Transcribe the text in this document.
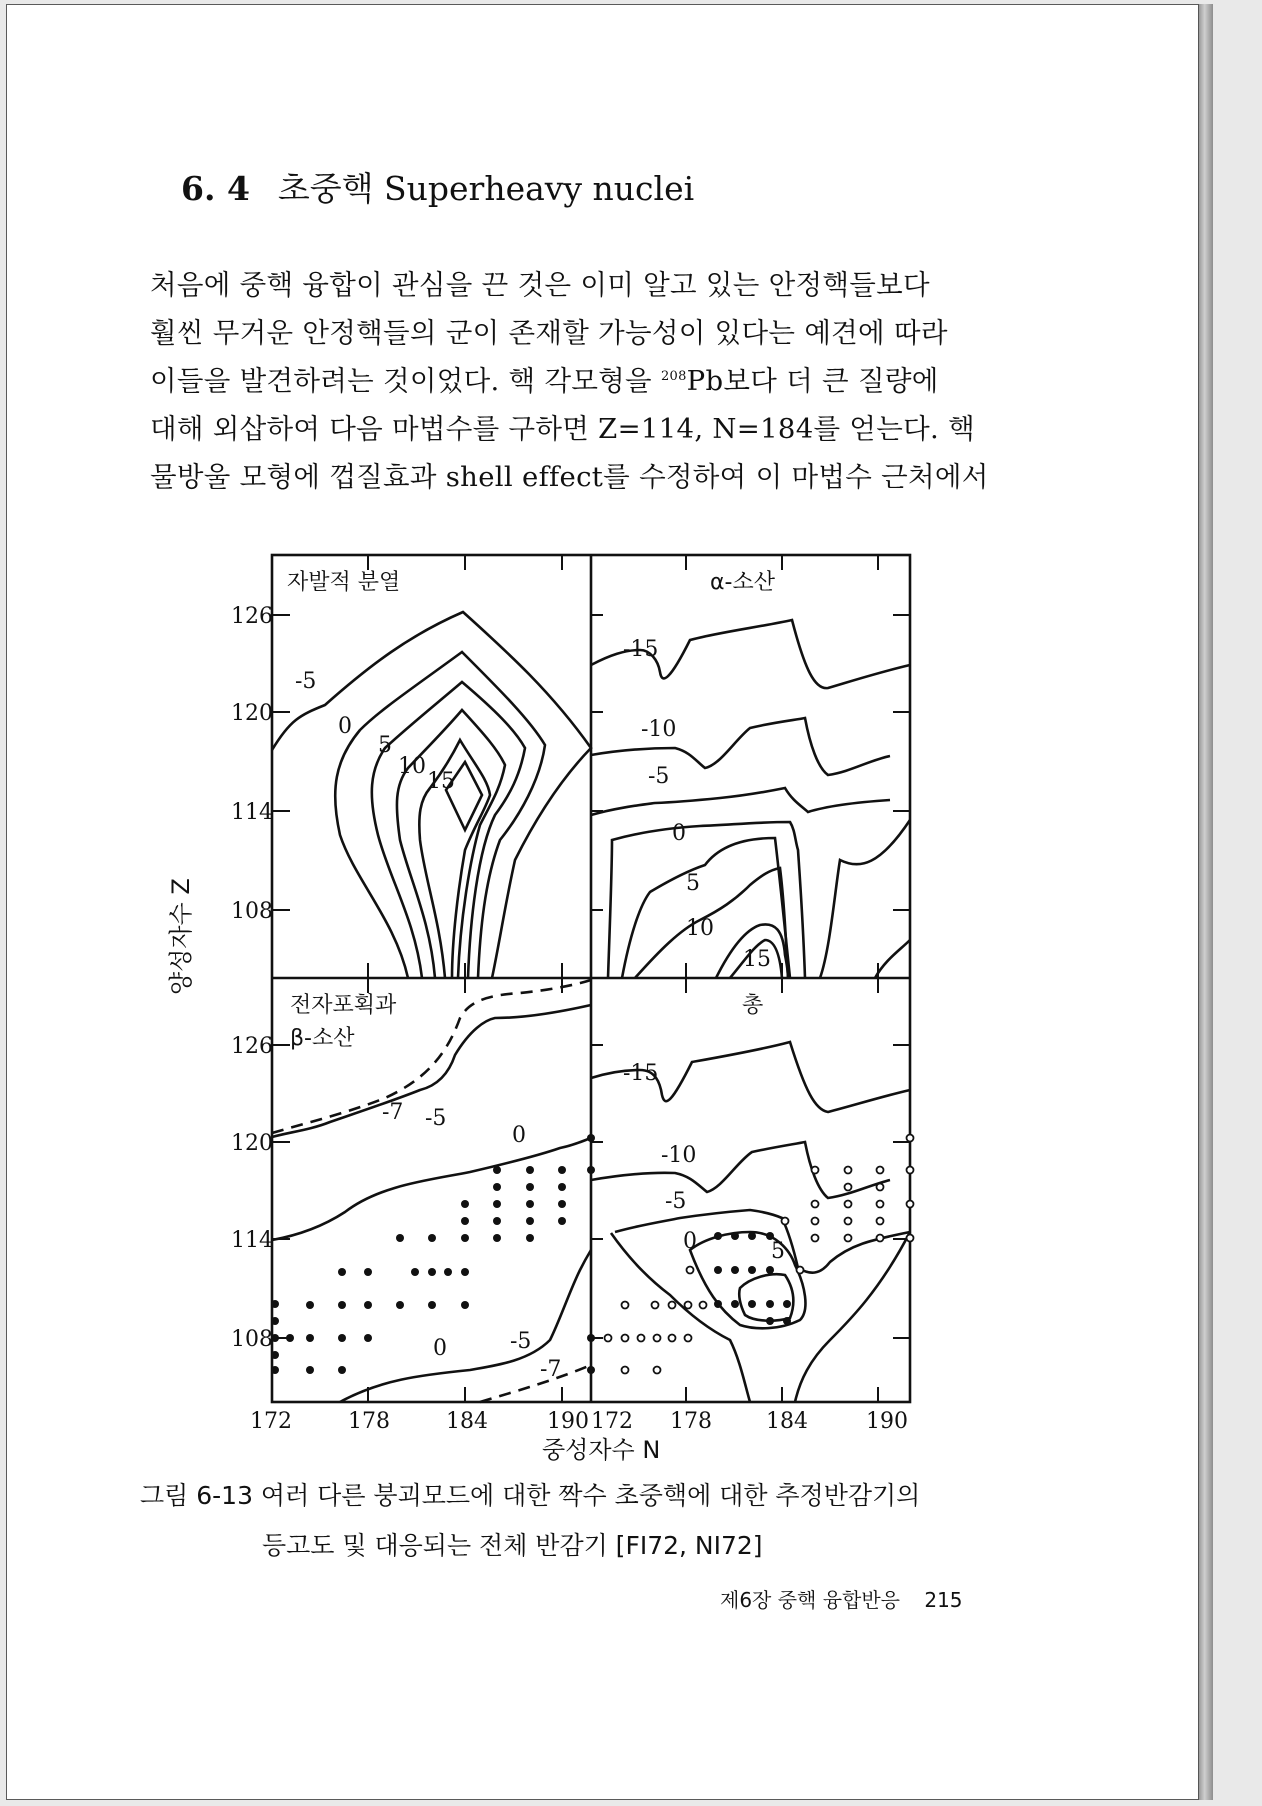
6. 4 초중핵 Superheavy nuclei
처음에 중핵 융합이 관심을 끈 것은 이미 알고 있는 안정핵들보다
훨씬 무거운 안정핵들의 군이 존재할 가능성이 있다는 예견에 따라
이들을 발견하려는 것이었다. 핵 각모형을 $^{208}$Pb보다 더 큰 질량에
대해 외삽하여 다음 마법수를 구하면 Z=114, N=184를 얻는다. 핵
물방울 모형에 껍질효과 shell effect를 수정하여 이 마법수 근처에서
자발적 분열	α-소산
전자포획과
β-소산
총
-5
0
5
10
15
-15
-10
-5
0
5
10
15
-7 -5
0
0	-5
-7
-15
-10
-5
0	5
126
120
114
108
126
120
114
108
172	178	184	190 172 178 184	190
중성자수 N
양성자수 Z
그림 6-13 여러 다른 붕괴모드에 대한 짝수 초중핵에 대한 추정반감기의
등고도 및 대응되는 전체 반감기 [FI72, NI72]
제6장 중핵 융합반응 215
